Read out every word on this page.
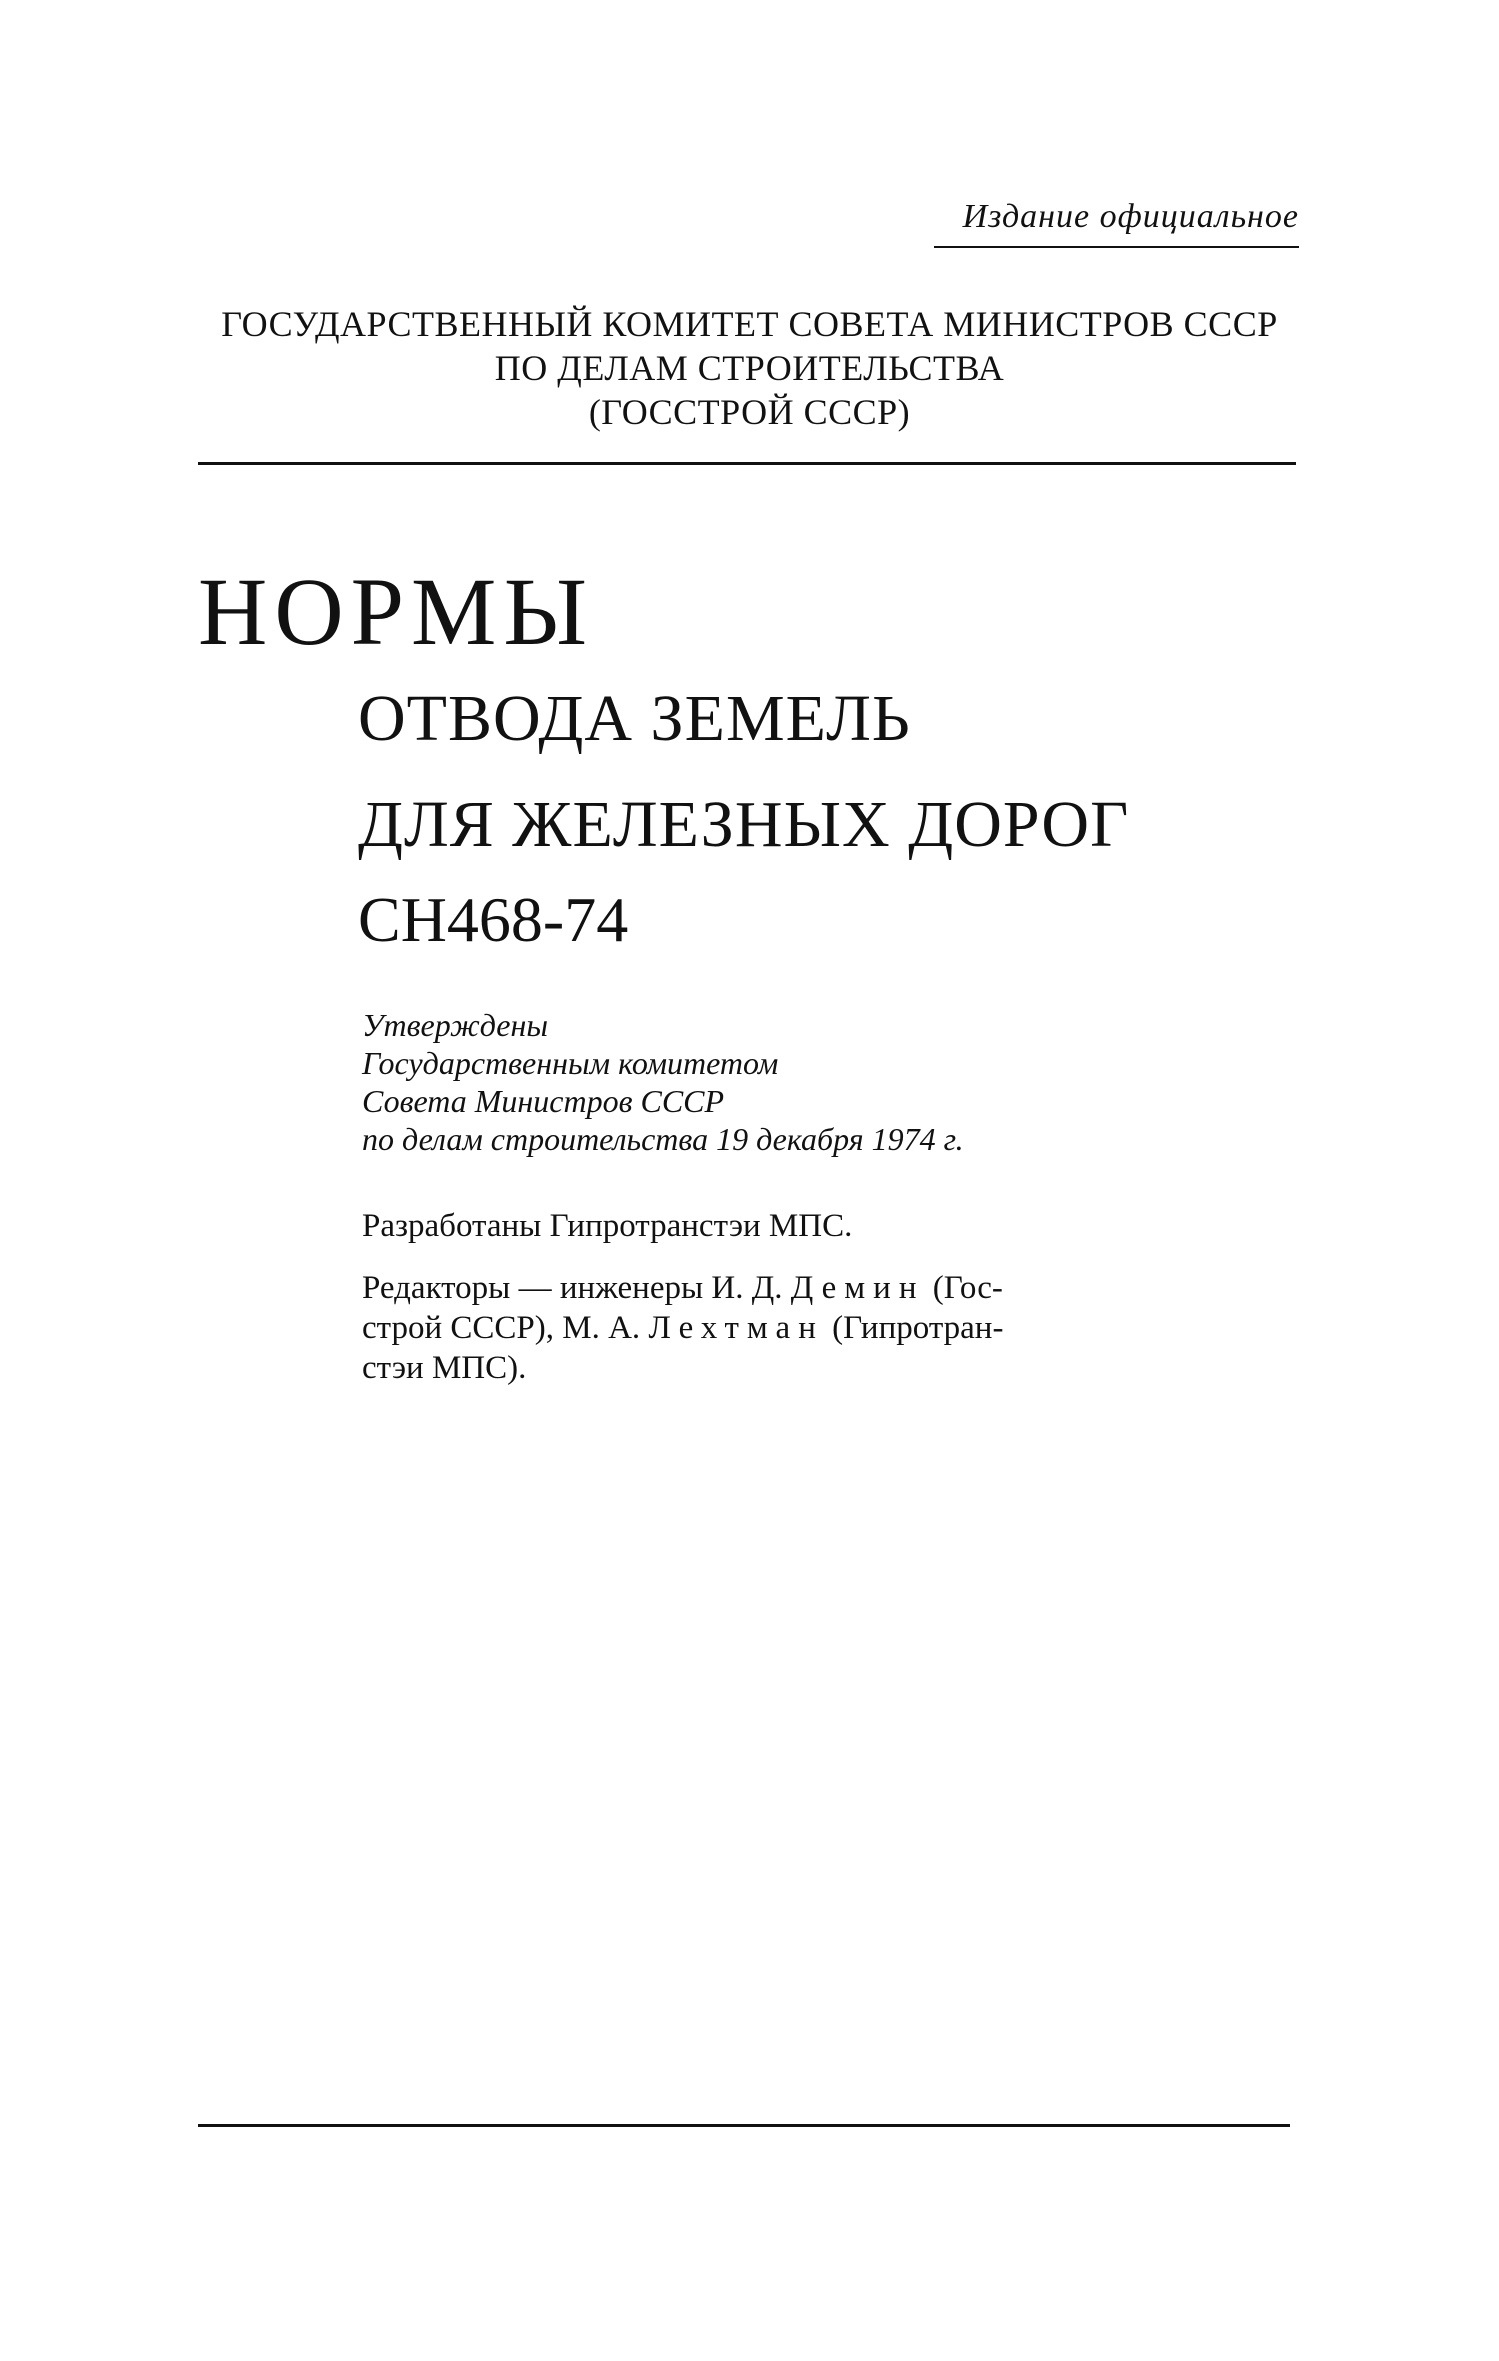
Издание официальное
ГОСУДАРСТВЕННЫЙ КОМИТЕТ СОВЕТА МИНИСТРОВ СССР
ПО ДЕЛАМ СТРОИТЕЛЬСТВА
(ГОССТРОЙ СССР)
НОРМЫ
ОТВОДА ЗЕМЕЛЬ
ДЛЯ ЖЕЛЕЗНЫХ ДОРОГ
СН468-74
Утверждены
Государственным комитетом
Совета Министров СССР
по делам строительства 19 декабря 1974 г.
Разработаны Гипротранстэи МПС.
Редакторы — инженеры И. Д. Демин (Гос-
строй СССР), М. А. Лехтман (Гипротран-
стэи МПС).
